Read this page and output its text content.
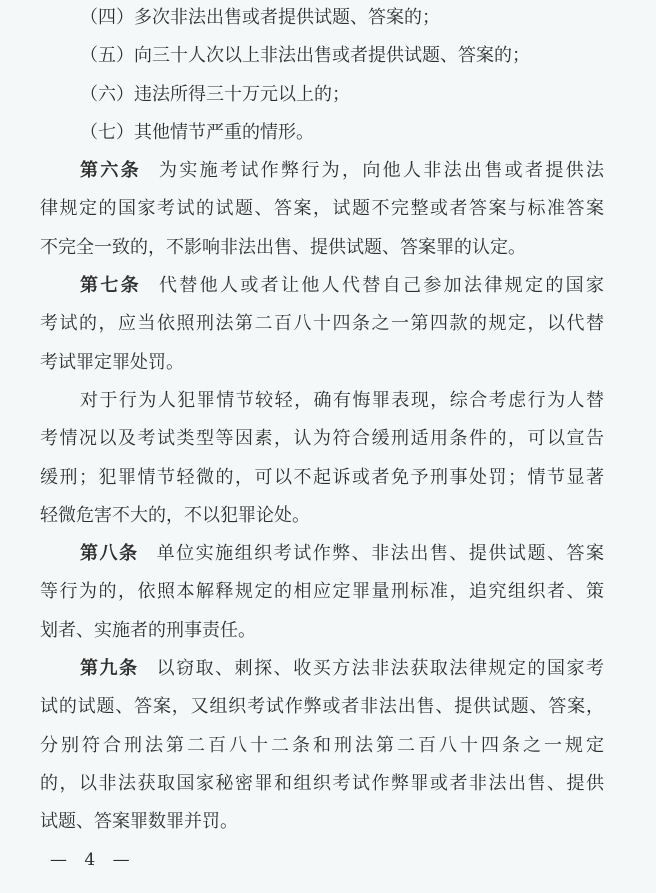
（四）多次非法出售或者提供试题、答案的；
（五）向三十人次以上非法出售或者提供试题、答案的；
（六）违法所得三十万元以上的；
（七）其他情节严重的情形。
第六条 为实施考试作弊行为，向他人非法出售或者提供法
律规定的国家考试的试题、答案，试题不完整或者答案与标准答案
不完全一致的，不影响非法出售、提供试题、答案罪的认定。
第七条 代替他人或者让他人代替自己参加法律规定的国家
考试的，应当依照刑法第二百八十四条之一第四款的规定，以代替
考试罪定罪处罚。
对于行为人犯罪情节较轻，确有悔罪表现，综合考虑行为人替
考情况以及考试类型等因素，认为符合缓刑适用条件的，可以宣告
缓刑；犯罪情节轻微的，可以不起诉或者免予刑事处罚；情节显著
轻微危害不大的，不以犯罪论处。
第八条 单位实施组织考试作弊、非法出售、提供试题、答案
等行为的，依照本解释规定的相应定罪量刑标准，追究组织者、策
划者、实施者的刑事责任。
第九条 以窃取、刺探、收买方法非法获取法律规定的国家考
试的试题、答案，又组织考试作弊或者非法出售、提供试题、答案，
分别符合刑法第二百八十二条和刑法第二百八十四条之一规定
的，以非法获取国家秘密罪和组织考试作弊罪或者非法出售、提供
试题、答案罪数罪并罚。
— 4 —
